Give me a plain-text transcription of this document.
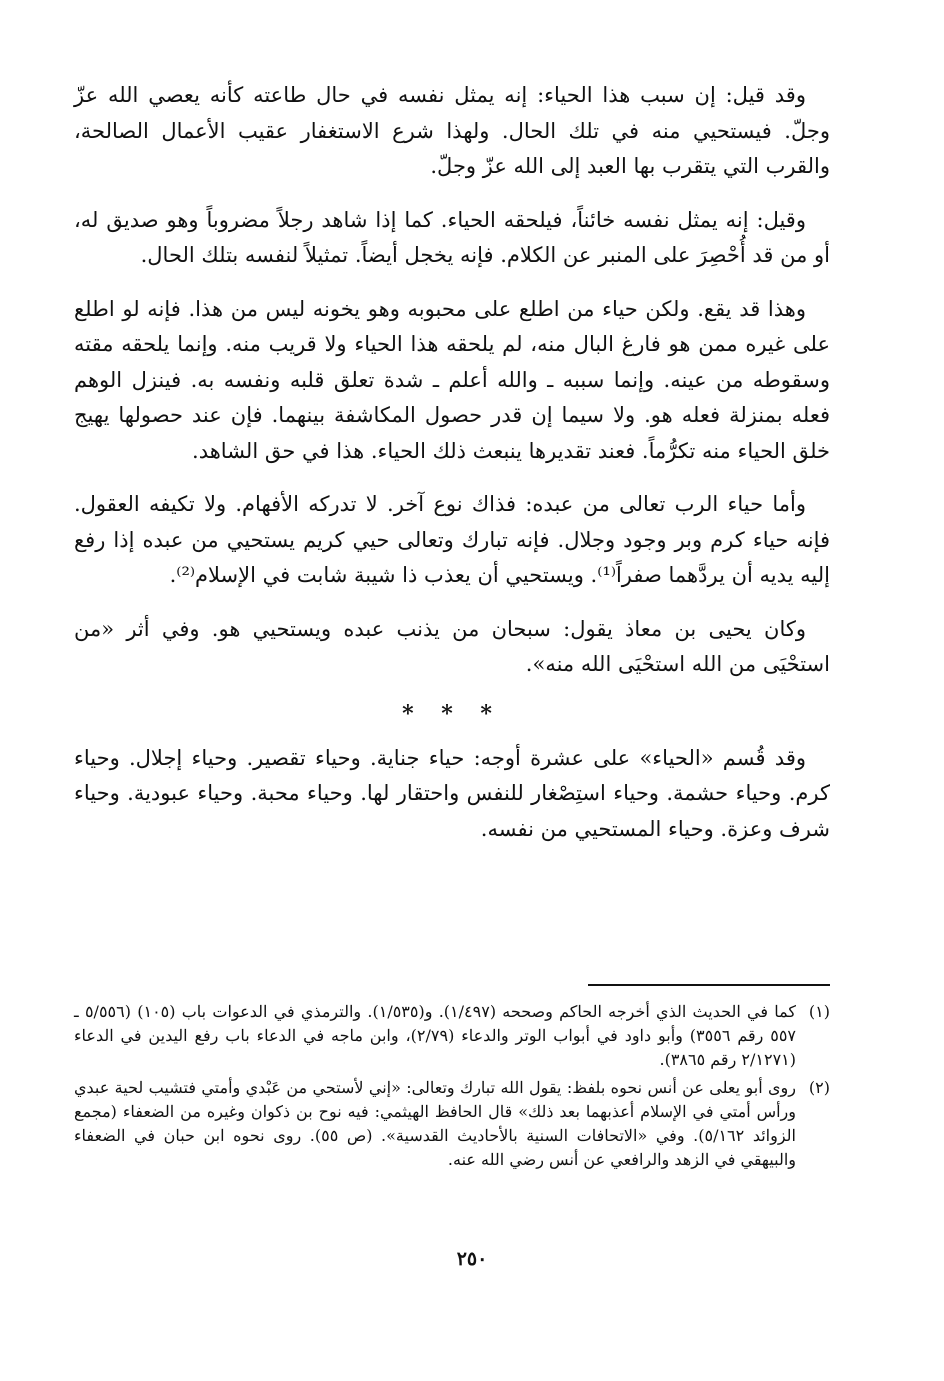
وقد قيل: إن سبب هذا الحياء: إنه يمثل نفسه في حال طاعته كأنه يعصي الله عزّ وجلّ. فيستحيي منه في تلك الحال. ولهذا شرع الاستغفار عقيب الأعمال الصالحة، والقرب التي يتقرب بها العبد إلى الله عزّ وجلّ.

وقيل: إنه يمثل نفسه خائناً، فيلحقه الحياء. كما إذا شاهد رجلاً مضروباً وهو صديق له، أو من قد أُحْصِرَ على المنبر عن الكلام. فإنه يخجل أيضاً. تمثيلاً لنفسه بتلك الحال.

وهذا قد يقع. ولكن حياء من اطلع على محبوبه وهو يخونه ليس من هذا. فإنه لو اطلع على غيره ممن هو فارغ البال منه، لم يلحقه هذا الحياء ولا قريب منه. وإنما يلحقه مقته وسقوطه من عينه. وإنما سببه ـ والله أعلم ـ شدة تعلق قلبه ونفسه به. فينزل الوهم فعله بمنزلة فعله هو. ولا سيما إن قدر حصول المكاشفة بينهما. فإن عند حصولها يهيج خلق الحياء منه تكرُّماً. فعند تقديرها ينبعث ذلك الحياء. هذا في حق الشاهد.

وأما حياء الرب تعالى من عبده: فذاك نوع آخر. لا تدركه الأفهام. ولا تكيفه العقول. فإنه حياء كرم وبر وجود وجلال. فإنه تبارك وتعالى حيي كريم يستحيي من عبده إذا رفع إليه يديه أن يردَّهما صفراً⁽¹⁾. ويستحيي أن يعذب ذا شيبة شابت في الإسلام⁽²⁾.

وكان يحيى بن معاذ يقول: سبحان من يذنب عبده ويستحيي هو. وفي أثر «من استحْيَى من الله استحْيَى الله منه».

* * *

وقد قُسم «الحياء» على عشرة أوجه: حياء جناية. وحياء تقصير. وحياء إجلال. وحياء كرم. وحياء حشمة. وحياء استِصْغار للنفس واحتقار لها. وحياء محبة. وحياء عبودية. وحياء شرف وعزة. وحياء المستحيي من نفسه.

(١)
كما في الحديث الذي أخرجه الحاكم وصححه (١/٤٩٧). و(١/٥٣٥). والترمذي في الدعوات باب (١٠٥) (٥/٥٥٦ ـ ٥٥٧ رقم ٣٥٥٦) وأبو داود في أبواب الوتر والدعاء (٢/٧٩)، وابن ماجه في الدعاء باب رفع اليدين في الدعاء (٢/١٢٧١ رقم ٣٨٦٥).
(٢)
روى أبو يعلى عن أنس نحوه بلفظ: يقول الله تبارك وتعالى: «إني لأستحي من عَبْدي وأمتي فتشيب لحية عبدي ورأس أمتي في الإسلام أعذبهما بعد ذلك» قال الحافظ الهيثمي: فيه نوح بن ذكوان وغيره من الضعفاء (مجمع الزوائد ٥/١٦٢). وفي «الاتحافات السنية بالأحاديث القدسية». (ص ٥٥). روى نحوه ابن حبان في الضعفاء والبيهقي في الزهد والرافعي عن أنس رضي الله عنه.
٢٥٠
